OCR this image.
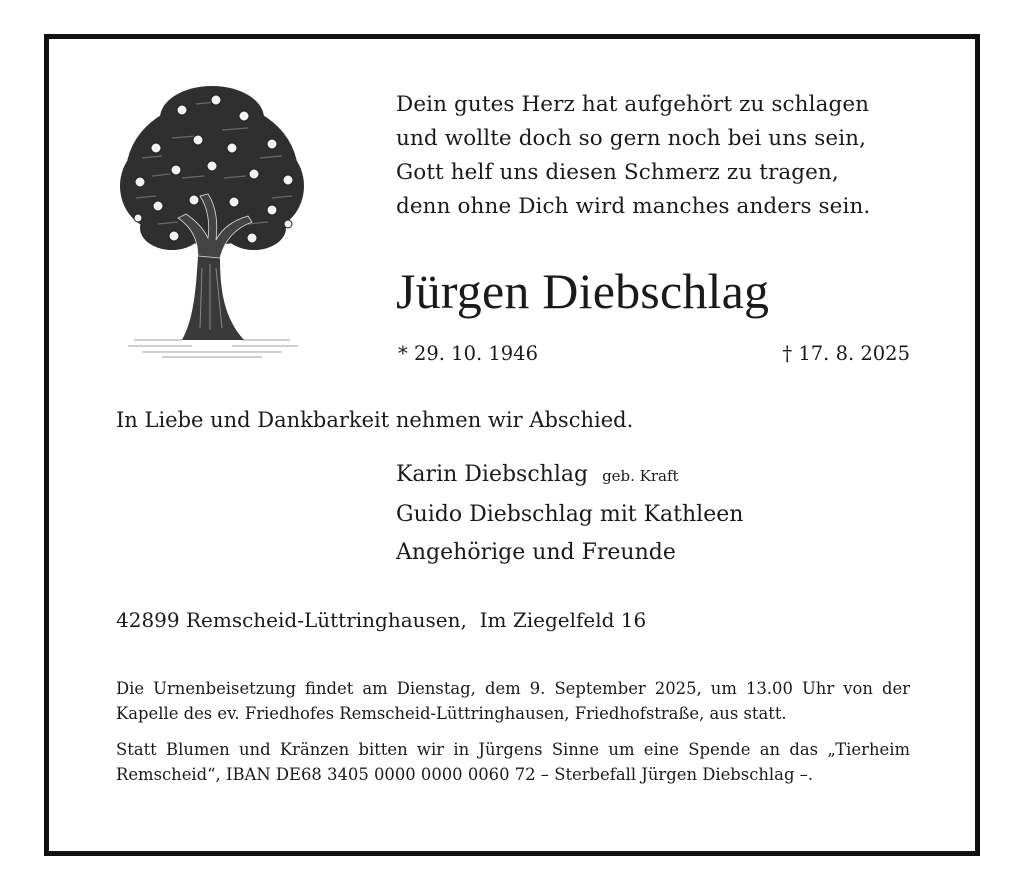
Dein gutes Herz hat aufgehört zu schlagen
und wollte doch so gern noch bei uns sein,
Gott helf uns diesen Schmerz zu tragen,
denn ohne Dich wird manches anders sein.
Jürgen Diebschlag
* 29. 10. 1946	† 17. 8. 2025
In Liebe und Dankbarkeit nehmen wir Abschied.
Karin Diebschlag geb. Kraft
Guido Diebschlag mit Kathleen
Angehörige und Freunde
42899 Remscheid-Lüttringhausen,  Im Ziegelfeld 16
Die Urnenbeisetzung findet am Dienstag, dem 9. September 2025, um 13.00 Uhr von der Kapelle des ev. Friedhofes Remscheid-Lüttringhausen, Friedhofstraße, aus statt.
Statt Blumen und Kränzen bitten wir in Jürgens Sinne um eine Spende an das „Tierheim Remscheid“, IBAN DE68 3405 0000 0000 0060 72 – Sterbefall Jürgen Diebschlag –.
